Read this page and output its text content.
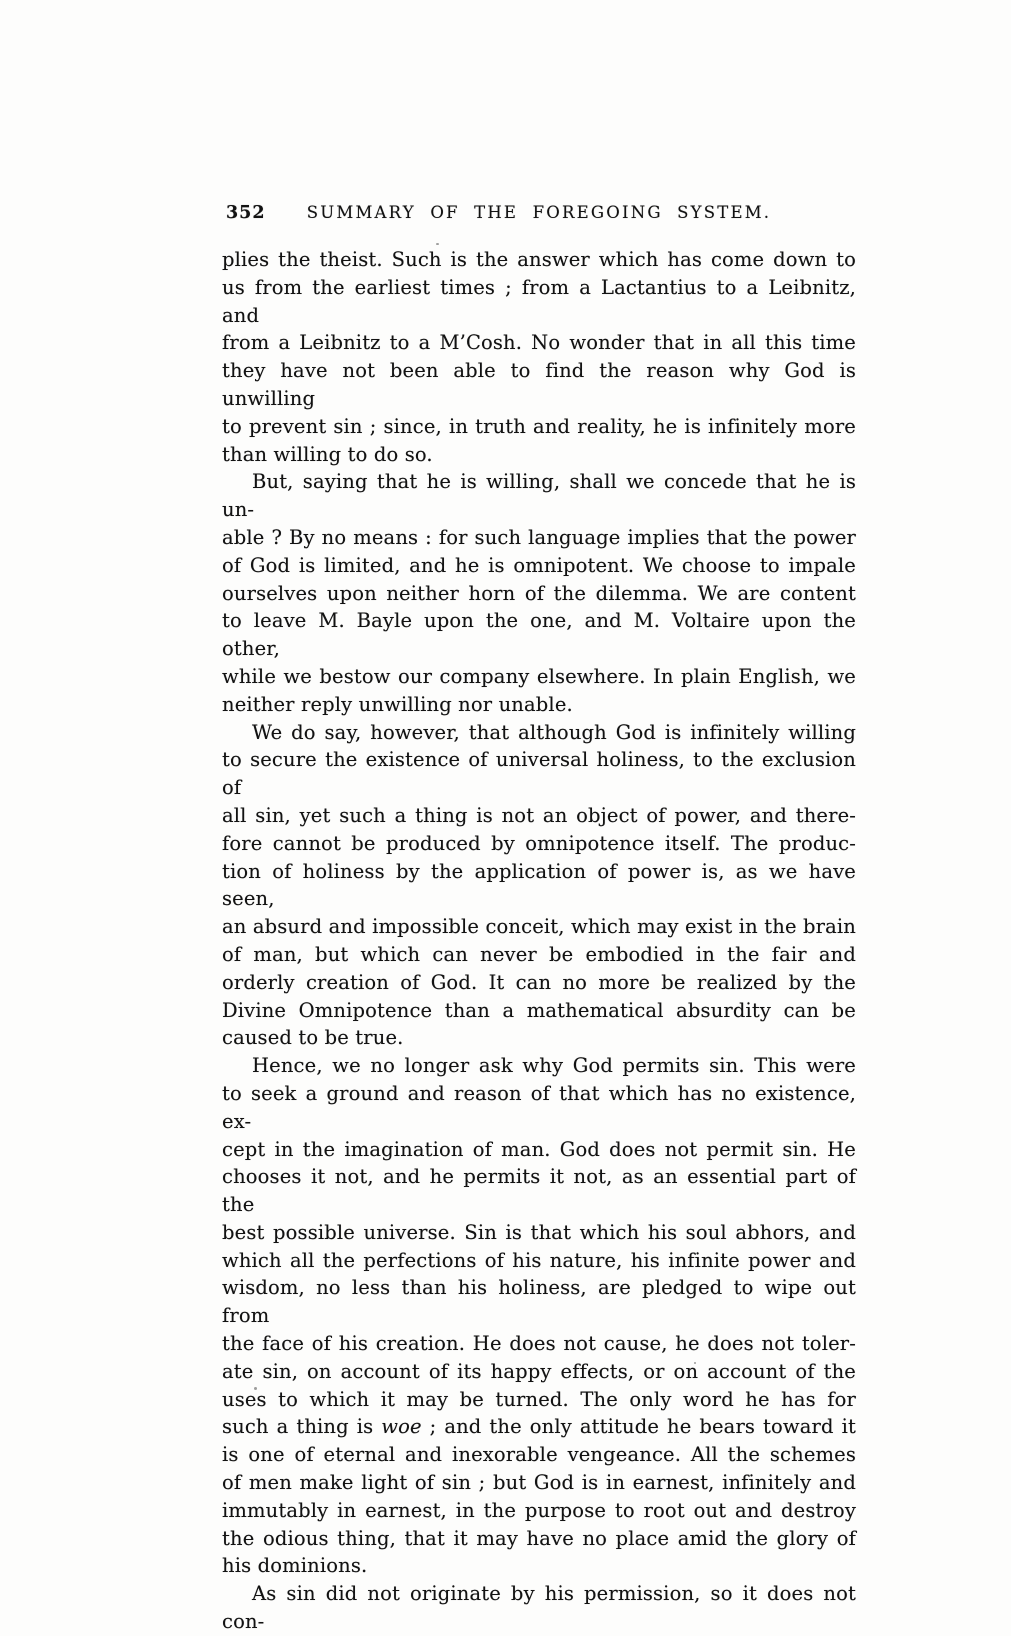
352	SUMMARY OF THE FOREGOING SYSTEM.
plies the theist. Such is the answer which has come down to
us from the earliest times ; from a Lactantius to a Leibnitz, and
from a Leibnitz to a M’Cosh. No wonder that in all this time
they have not been able to find the reason why God is unwilling
to prevent sin ; since, in truth and reality, he is infinitely more
than willing to do so.
But, saying that he is willing, shall we concede that he is un-
able ? By no means : for such language implies that the power
of God is limited, and he is omnipotent. We choose to impale
ourselves upon neither horn of the dilemma. We are content
to leave M. Bayle upon the one, and M. Voltaire upon the other,
while we bestow our company elsewhere. In plain English, we
neither reply unwilling nor unable.
We do say, however, that although God is infinitely willing
to secure the existence of universal holiness, to the exclusion of
all sin, yet such a thing is not an object of power, and there-
fore cannot be produced by omnipotence itself. The produc-
tion of holiness by the application of power is, as we have seen,
an absurd and impossible conceit, which may exist in the brain
of man, but which can never be embodied in the fair and
orderly creation of God. It can no more be realized by the
Divine Omnipotence than a mathematical absurdity can be
caused to be true.
Hence, we no longer ask why God permits sin. This were
to seek a ground and reason of that which has no existence, ex-
cept in the imagination of man. God does not permit sin. He
chooses it not, and he permits it not, as an essential part of the
best possible universe. Sin is that which his soul abhors, and
which all the perfections of his nature, his infinite power and
wisdom, no less than his holiness, are pledged to wipe out from
the face of his creation. He does not cause, he does not toler-
ate sin, on account of its happy effects, or on account of the
uses to which it may be turned. The only word he has for
such a thing is woe ; and the only attitude he bears toward it
is one of eternal and inexorable vengeance. All the schemes
of men make light of sin ; but God is in earnest, infinitely and
immutably in earnest, in the purpose to root out and destroy
the odious thing, that it may have no place amid the glory of
his dominions.
As sin did not originate by his permission, so it does not con-
